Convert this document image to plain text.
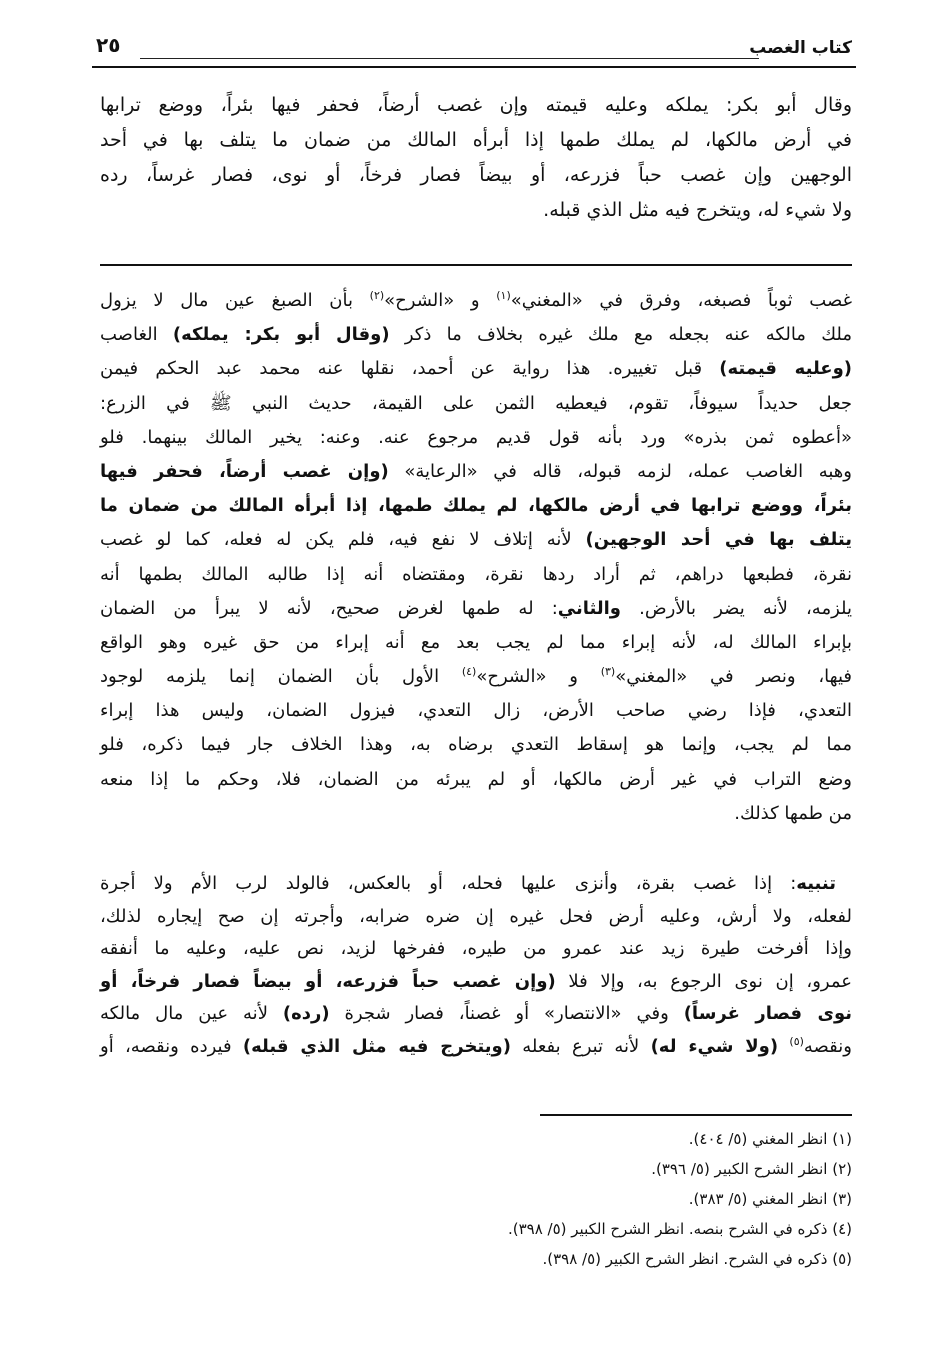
كتاب الغصب
٢٥
وقال أبو بكر: يملكه وعليه قيمته وإن غصب أرضاً، فحفر فيها بئراً، ووضع ترابها
في أرض مالكها، لم يملك طمها إذا أبرأه المالك من ضمان ما يتلف بها في أحد
الوجهين وإن غصب حباً فزرعه، أو بيضاً فصار فرخاً، أو نوى، فصار غرساً، رده
ولا شيء له، ويتخرج فيه مثل الذي قبله.
غصب ثوباً فصبغه، وفرق في «المغني»$^{(١)}$ و «الشرح»$^{(٢)}$ بأن الصبغ عين مال لا يزول
ملك مالكه عنه بجعله مع ملك غيره بخلاف ما ذكر (وقال أبو بكر: يملكه) الغاصب
(وعليه قيمته) قبل تغييره. هذا رواية عن أحمد، نقلها عنه محمد عبد الحكم فيمن
جعل حديداً سيوفاً، تقوم، فيعطيه الثمن على القيمة، حديث النبي ﷺ في الزرع:
«أعطوه ثمن بذره» ورد بأنه قول قديم مرجوع عنه. وعنه: يخير المالك بينهما. فلو
وهبه الغاصب عمله، لزمه قبوله، قاله في «الرعاية» (وإن غصب أرضاً، فحفر فيها
بئراً، ووضع ترابها في أرض مالكها، لم يملك طمها، إذا أبرأه المالك من ضمان ما
يتلف بها في أحد الوجهين) لأنه إتلاف لا نفع فيه، فلم يكن له فعله، كما لو غصب
نقرة، فطبعها دراهم، ثم أراد ردها نقرة، ومقتضاه أنه إذا طالبه المالك بطمها أنه
يلزمه، لأنه يضر بالأرض. والثاني: له طمها لغرض صحيح، لأنه لا يبرأ من الضمان
بإبراء المالك له، لأنه إبراء مما لم يجب بعد مع أنه إبراء من حق غيره وهو الواقع
فيها، ونصر في «المغني»$^{(٣)}$ و «الشرح»$^{(٤)}$ الأول بأن الضمان إنما يلزمه لوجود
التعدي، فإذا رضي صاحب الأرض، زال التعدي، فيزول الضمان، وليس هذا إبراء
مما لم يجب، وإنما هو إسقاط التعدي برضاه به، وهذا الخلاف جار فيما ذكره، فلو
وضع التراب في غير أرض مالكها، أو لم يبرئه من الضمان، فلا، وحكم ما إذا منعه
من طمها كذلك.
تنبيه: إذا غصب بقرة، وأنزى عليها فحله، أو بالعكس، فالولد لرب الأم ولا أجرة
لفعله، ولا أرش، وعليه أرض فحل غيره إن ضره ضرابه، وأجرته إن صح إيجاره لذلك،
وإذا أفرخت طيرة زيد عند عمرو من طيره، ففرخها لزيد، نص عليه، وعليه ما أنفقه
عمرو، إن نوى الرجوع به، وإلا فلا (وإن غصب حباً فزرعه، أو بيضاً فصار فرخاً، أو
نوى فصار غرساً) وفي «الانتصار» أو غصناً، فصار شجرة (رده) لأنه عين مال مالكه
ونقصه$^{(٥)}$ (ولا شيء له) لأنه تبرع بفعله (ويتخرج فيه مثل الذي قبله) فيرده ونقصه، أو
(١) انظر المغني (٥/ ٤٠٤).
(٢) انظر الشرح الكبير (٥/ ٣٩٦).
(٣) انظر المغني (٥/ ٣٨٣).
(٤) ذكره في الشرح بنصه. انظر الشرح الكبير (٥/ ٣٩٨).
(٥) ذكره في الشرح. انظر الشرح الكبير (٥/ ٣٩٨).
